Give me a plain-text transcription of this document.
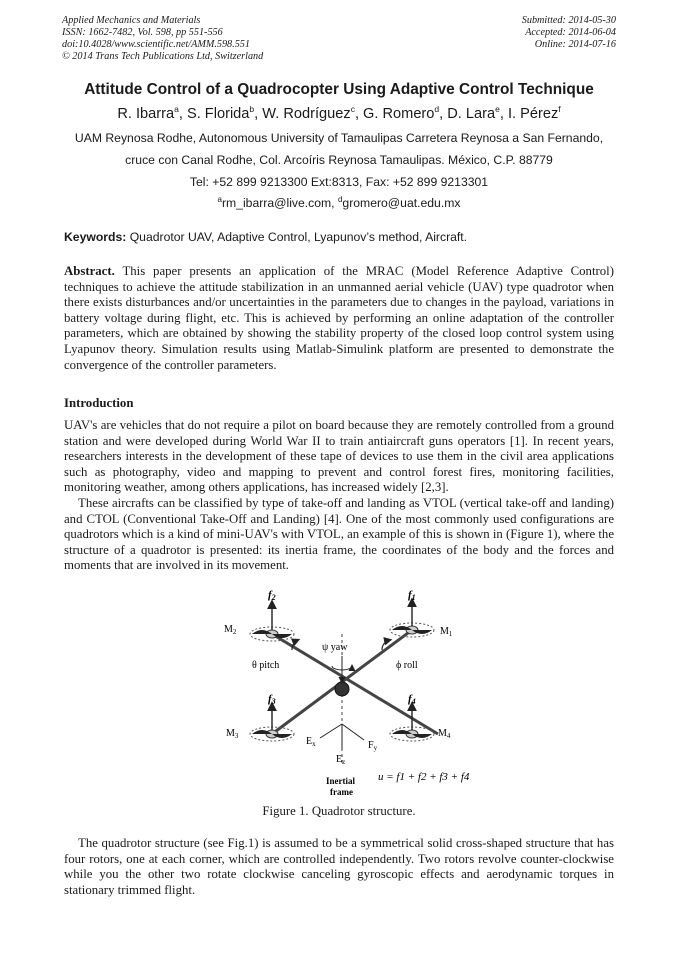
Applied Mechanics and Materials
ISSN: 1662-7482, Vol. 598, pp 551-556
doi:10.4028/www.scientific.net/AMM.598.551
© 2014 Trans Tech Publications Ltd, Switzerland
Submitted: 2014-05-30
Accepted: 2014-06-04
Online: 2014-07-16
Attitude Control of a Quadrocopter Using Adaptive Control Technique
R. Ibarra$^a$, S. Florida$^b$, W. Rodríguez$^c$, G. Romero$^d$, D. Lara$^e$, I. Pérez$^f$
UAM Reynosa Rodhe, Autonomous University of Tamaulipas Carretera Reynosa a San Fernando,
cruce con Canal Rodhe, Col. Arcoíris Reynosa Tamaulipas. México, C.P. 88779
Tel: +52 899 9213300 Ext:8313, Fax: +52 899 9213301
$^a$rm_ibarra@live.com, $^d$gromero@uat.edu.mx
Keywords: Quadrotor UAV, Adaptive Control, Lyapunov’s method, Aircraft.
Abstract. This paper presents an application of the MRAC (Model Reference Adaptive Control) techniques to achieve the attitude stabilization in an unmanned aerial vehicle (UAV) type quadrotor when there exists disturbances and/or uncertainties in the parameters due to changes in the payload, variations in battery voltage during flight, etc. This is achieved by performing an online adaptation of the controller parameters, which are obtained by showing the stability property of the closed loop control system using Lyapunov theory. Simulation results using Matlab-Simulink platform are presented to demonstrate the convergence of the controller parameters.
Introduction
UAV's are vehicles that do not require a pilot on board because they are remotely controlled from a ground station and were developed during World War II to train antiaircraft guns operators [1]. In recent years, researchers interests in the development of these tape of devices to use them in the civil area applications such as photography, video and mapping to prevent and control forest fires, monitoring facilities, monitoring weather, among others applications, has increased widely [2,3].
These aircrafts can be classified by type of take-off and landing as VTOL (vertical take-off and landing) and CTOL (Conventional Take-Off and Landing) [4]. One of the most commonly used configurations are quadrotors which is a kind of mini-UAV's with VTOL, an example of this is shown in (Figure 1), where the structure of a quadrotor is presented: its inertia frame, the coordinates of the body and the forces and moments that are involved in its movement.
f2	f1
f3	f4
$M_2$	$M_1$
$M_3$	$M_4$
ψ yaw
θ pitch	ϕ roll
$E_x$	$F_y$
$E_z$
Inertial
frame
u = f1 + f2 + f3 + f4
Figure 1. Quadrotor structure.
The quadrotor structure (see Fig.1) is assumed to be a symmetrical solid cross-shaped structure that has four rotors, one at each corner, which are controlled independently. Two rotors revolve counter-clockwise while you the other two rotate clockwise canceling gyroscopic effects and aerodynamic torques in stationary trimmed flight.
